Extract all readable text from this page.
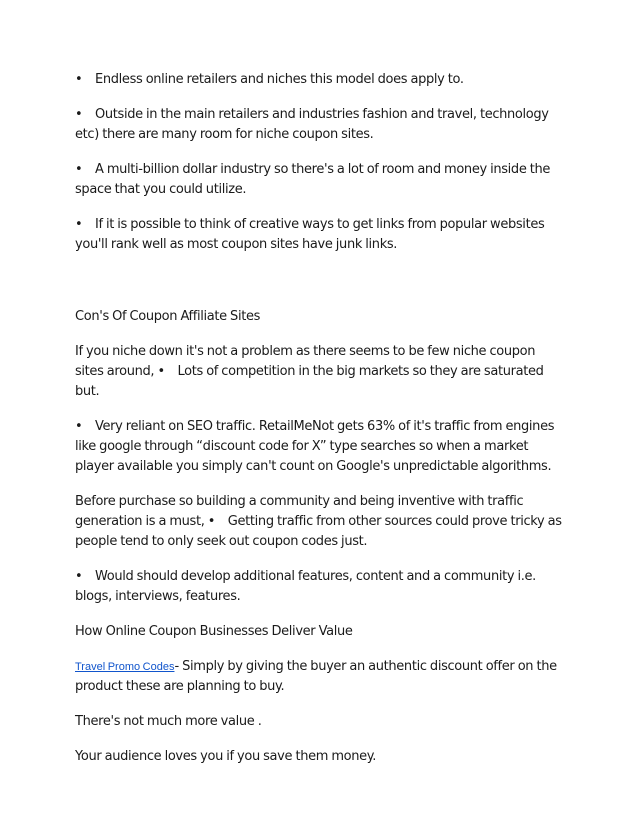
• Endless online retailers and niches this model does apply to.

• Outside in the main retailers and industries fashion and travel, technology etc) there are many room for niche coupon sites.

• A multi-billion dollar industry so there's a lot of room and money inside the space that you could utilize.

• If it is possible to think of creative ways to get links from popular websites you'll rank well as most coupon sites have junk links.

Con's Of Coupon Affiliate Sites

If you niche down it's not a problem as there seems to be few niche coupon sites around, • Lots of competition in the big markets so they are saturated but.

• Very reliant on SEO traffic. RetailMeNot gets 63% of it's traffic from engines like google through “discount code for X” type searches so when a market player available you simply can't count on Google's unpredictable algorithms.

Before purchase so building a community and being inventive with traffic generation is a must, • Getting traffic from other sources could prove tricky as people tend to only seek out coupon codes just.

• Would should develop additional features, content and a community i.e. blogs, interviews, features.

How Online Coupon Businesses Deliver Value

Travel Promo Codes- Simply by giving the buyer an authentic discount offer on the product these are planning to buy.

There's not much more value .

Your audience loves you if you save them money.
